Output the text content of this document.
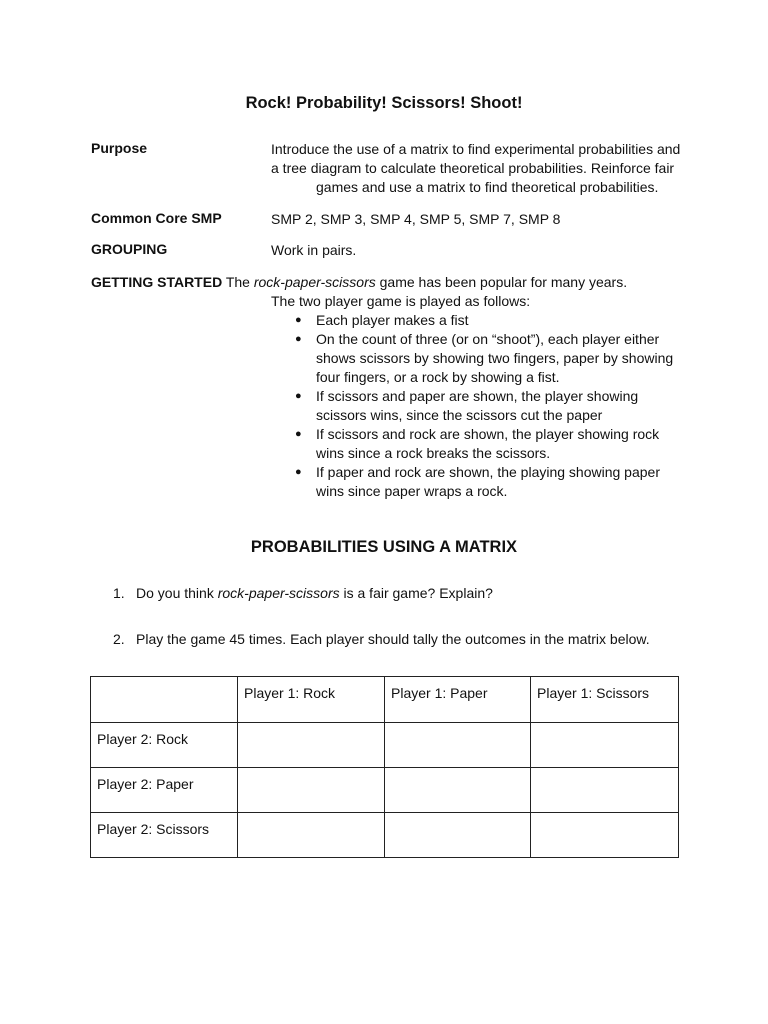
Rock! Probability! Scissors! Shoot!
Purpose	Introduce the use of a matrix to find experimental probabilities and a tree diagram to calculate theoretical probabilities. Reinforce fair
games and use a matrix to find theoretical probabilities.
Common Core SMP	SMP 2, SMP 3, SMP 4, SMP 5, SMP 7, SMP 8
GROUPING	Work in pairs.
GETTING STARTED The rock-paper-scissors game has been popular for many years.
The two player game is played as follows:
● Each player makes a fist
● On the count of three (or on “shoot”), each player either shows scissors by showing two fingers, paper by showing four fingers, or a rock by showing a fist.
● If scissors and paper are shown, the player showing scissors wins, since the scissors cut the paper
● If scissors and rock are shown, the player showing rock wins since a rock breaks the scissors.
● If paper and rock are shown, the playing showing paper wins since paper wraps a rock.
PROBABILITIES USING A MATRIX
1. Do you think rock-paper-scissors is a fair game? Explain?
2. Play the game 45 times. Each player should tally the outcomes in the matrix below.

	Player 1: Rock	Player 1: Paper	Player 1: Scissors

Player 2: Rock			

Player 2: Paper			

Player 2: Scissors			
